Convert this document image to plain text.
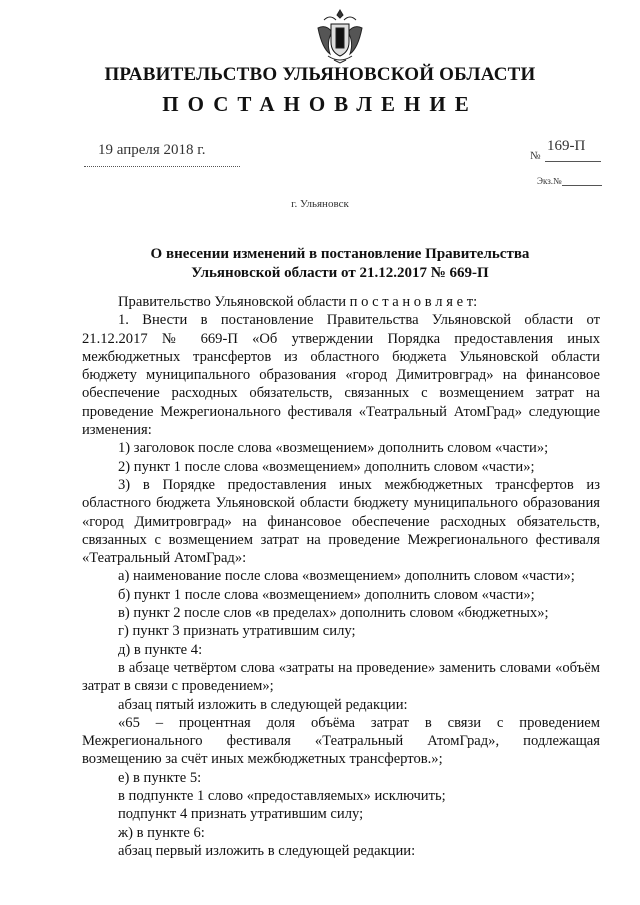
ПРАВИТЕЛЬСТВО УЛЬЯНОВСКОЙ ОБЛАСТИ
ПОСТАНОВЛЕНИЕ
19 апреля 2018 г.	169-П
№
Экз.№
г. Ульяновск
О внесении изменений в постановление Правительства
Ульяновской области от 21.12.2017 № 669-П

Правительство Ульяновской области п о с т а н о в л я е т:

1. Внести в постановление Правительства Ульяновской области от 21.12.2017 № 669-П «Об утверждении Порядка предоставления иных межбюджетных трансфертов из областного бюджета Ульяновской области бюджету муниципального образования «город Димитровград» на финансовое обеспечение расходных обязательств, связанных с возмещением затрат на проведение Межрегионального фестиваля «Театральный АтомГрад» следующие изменения:

1) заголовок после слова «возмещением» дополнить словом «части»;

2) пункт 1 после слова «возмещением» дополнить словом «части»;

3) в Порядке предоставления иных межбюджетных трансфертов из областного бюджета Ульяновской области бюджету муниципального образования «город Димитровград» на финансовое обеспечение расходных обязательств, связанных с возмещением затрат на проведение Межрегионального фестиваля «Театральный АтомГрад»:

а) наименование после слова «возмещением» дополнить словом «части»;

б) пункт 1 после слова «возмещением» дополнить словом «части»;

в) пункт 2 после слов «в пределах» дополнить словом «бюджетных»;

г) пункт 3 признать утратившим силу;

д) в пункте 4:

в абзаце четвёртом слова «затраты на проведение» заменить словами «объём затрат в связи с проведением»;

абзац пятый изложить в следующей редакции:

«65 – процентная доля объёма затрат в связи с проведением Межрегионального фестиваля «Театральный АтомГрад», подлежащая возмещению за счёт иных межбюджетных трансфертов.»;

е) в пункте 5:

в подпункте 1 слово «предоставляемых» исключить;

подпункт 4 признать утратившим силу;

ж) в пункте 6:

абзац первый изложить в следующей редакции:
